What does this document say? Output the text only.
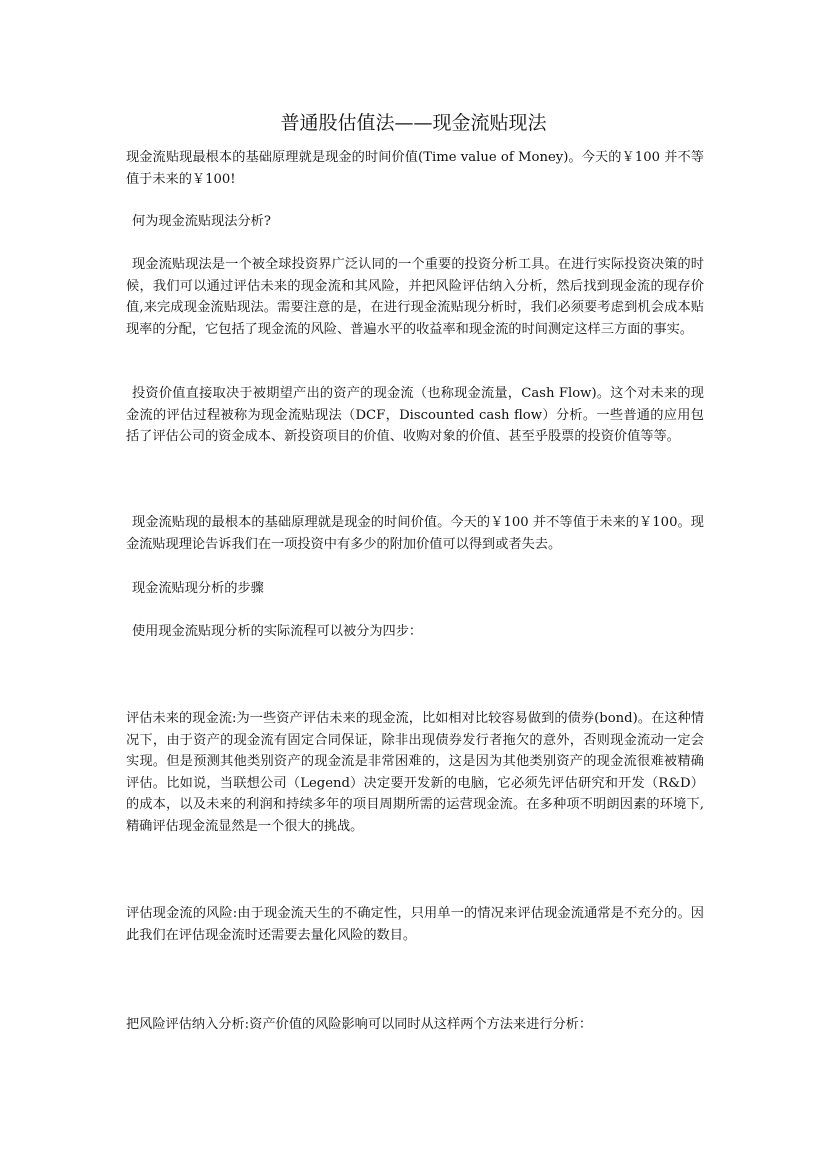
普通股估值法——现金流贴现法

现金流贴现最根本的基础原理就是现金的时间价值(Time value of Money)。今天的￥100 并不等值于未来的￥100!

何为现金流贴现法分析?

现金流贴现法是一个被全球投资界广泛认同的一个重要的投资分析工具。在进行实际投资决策的时候，我们可以通过评估未来的现金流和其风险，并把风险评估纳入分析，然后找到现金流的现存价值,来完成现金流贴现法。需要注意的是，在进行现金流贴现分析时，我们必须要考虑到机会成本贴现率的分配，它包括了现金流的风险、普遍水平的收益率和现金流的时间测定这样三方面的事实。

投资价值直接取决于被期望产出的资产的现金流（也称现金流量，Cash Flow)。这个对未来的现金流的评估过程被称为现金流贴现法（DCF，Discounted cash flow）分析。一些普通的应用包括了评估公司的资金成本、新投资项目的价值、收购对象的价值、甚至乎股票的投资价值等等。

现金流贴现的最根本的基础原理就是现金的时间价值。今天的￥100 并不等值于未来的￥100。现金流贴现理论告诉我们在一项投资中有多少的附加价值可以得到或者失去。

现金流贴现分析的步骤

使用现金流贴现分析的实际流程可以被分为四步：

评估未来的现金流:为一些资产评估未来的现金流，比如相对比较容易做到的债券(bond)。在这种情况下，由于资产的现金流有固定合同保证，除非出现债券发行者拖欠的意外，否则现金流动一定会实现。但是预测其他类别资产的现金流是非常困难的，这是因为其他类别资产的现金流很难被精确评估。比如说，当联想公司（Legend）决定要开发新的电脑，它必须先评估研究和开发（R&D）的成本，以及未来的利润和持续多年的项目周期所需的运营现金流。在多种项不明朗因素的环境下, 精确评估现金流显然是一个很大的挑战。

评估现金流的风险:由于现金流天生的不确定性，只用单一的情况来评估现金流通常是不充分的。因此我们在评估现金流时还需要去量化风险的数目。

把风险评估纳入分析:资产价值的风险影响可以同时从这样两个方法来进行分析：
